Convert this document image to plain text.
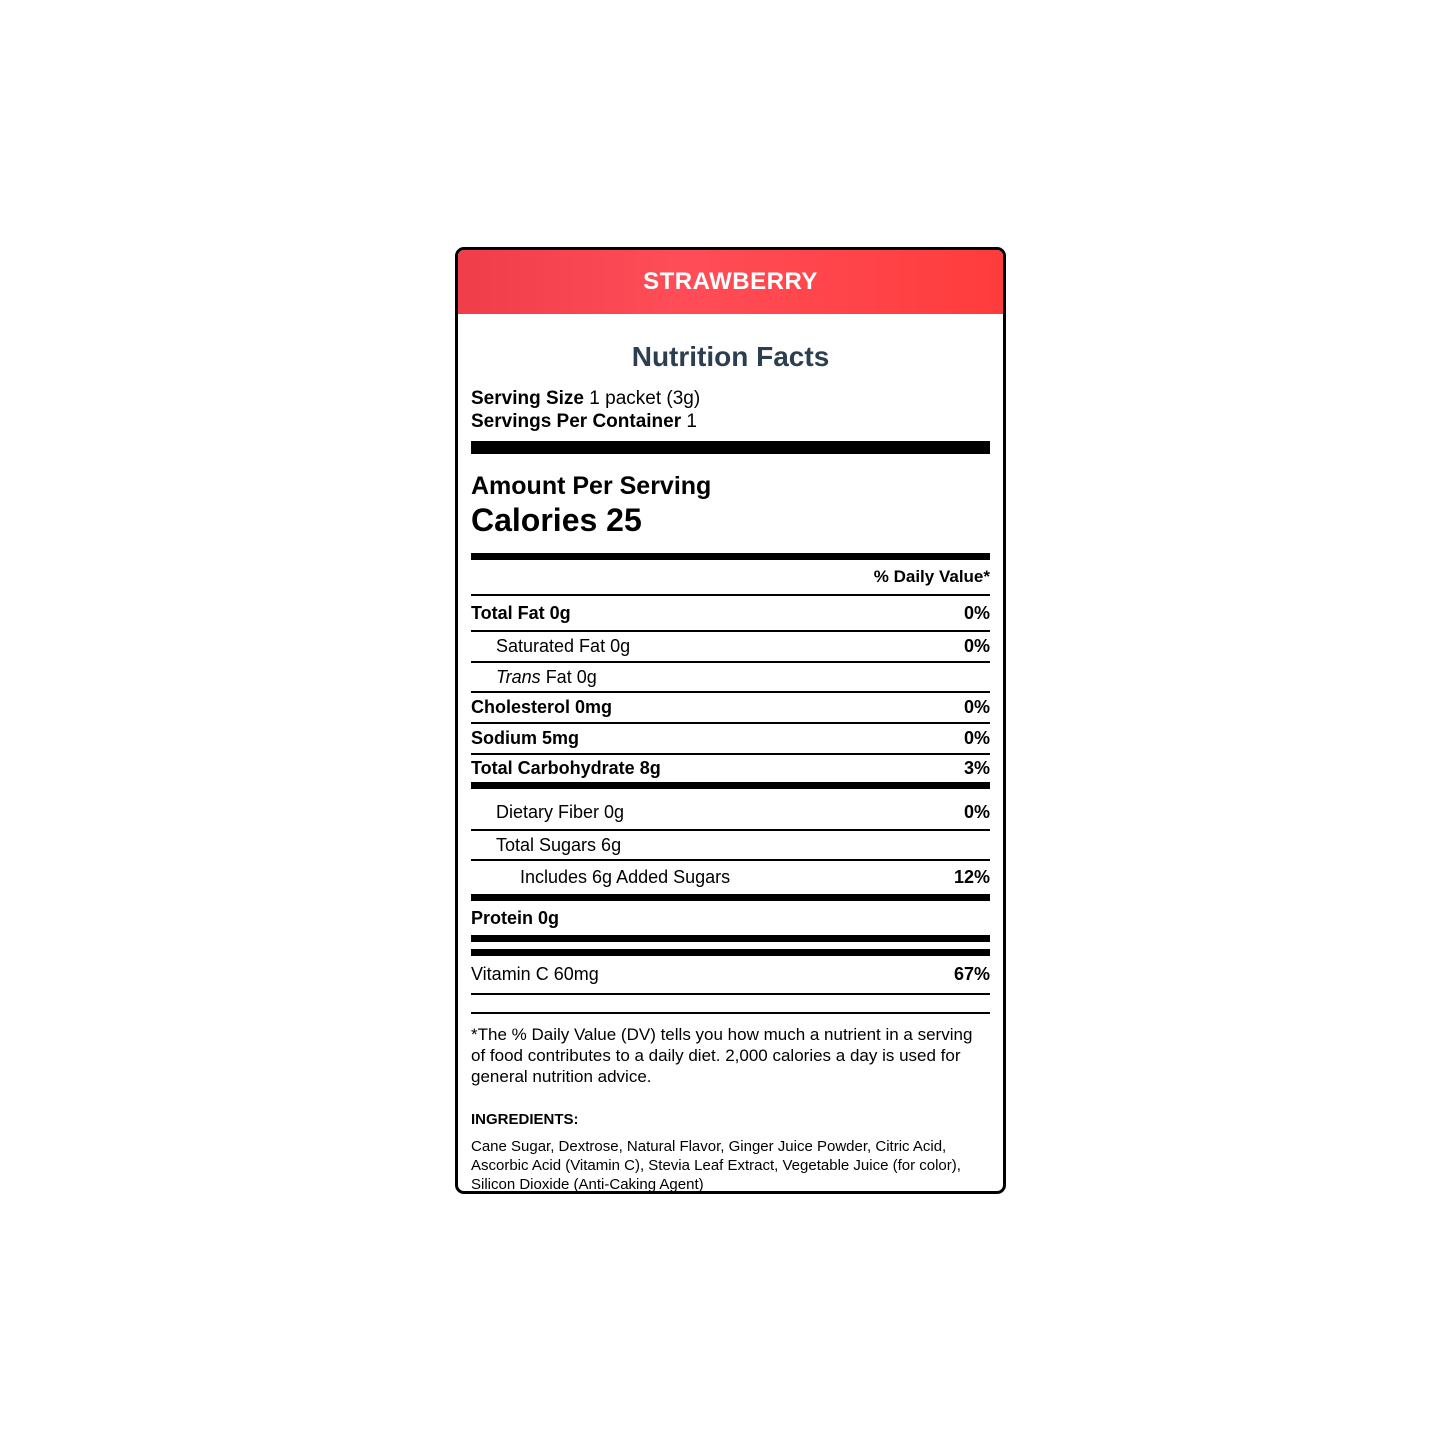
STRAWBERRY
Nutrition Facts
Serving Size 1 packet (3g)
Servings Per Container 1
Amount Per Serving
Calories 25
% Daily Value*
Total Fat 0g	0%
Saturated Fat 0g	0%
Trans Fat 0g
Cholesterol 0mg	0%
Sodium 5mg	0%
Total Carbohydrate 8g	3%
Dietary Fiber 0g	0%
Total Sugars 6g
Includes 6g Added Sugars	12%
Protein 0g
Vitamin C 60mg	67%
*The % Daily Value (DV) tells you how much a nutrient in a serving of food contributes to a daily diet. 2,000 calories a day is used for general nutrition advice.
INGREDIENTS:
Cane Sugar, Dextrose, Natural Flavor, Ginger Juice Powder, Citric Acid, Ascorbic Acid (Vitamin C), Stevia Leaf Extract, Vegetable Juice (for color), Silicon Dioxide (Anti-Caking Agent)
